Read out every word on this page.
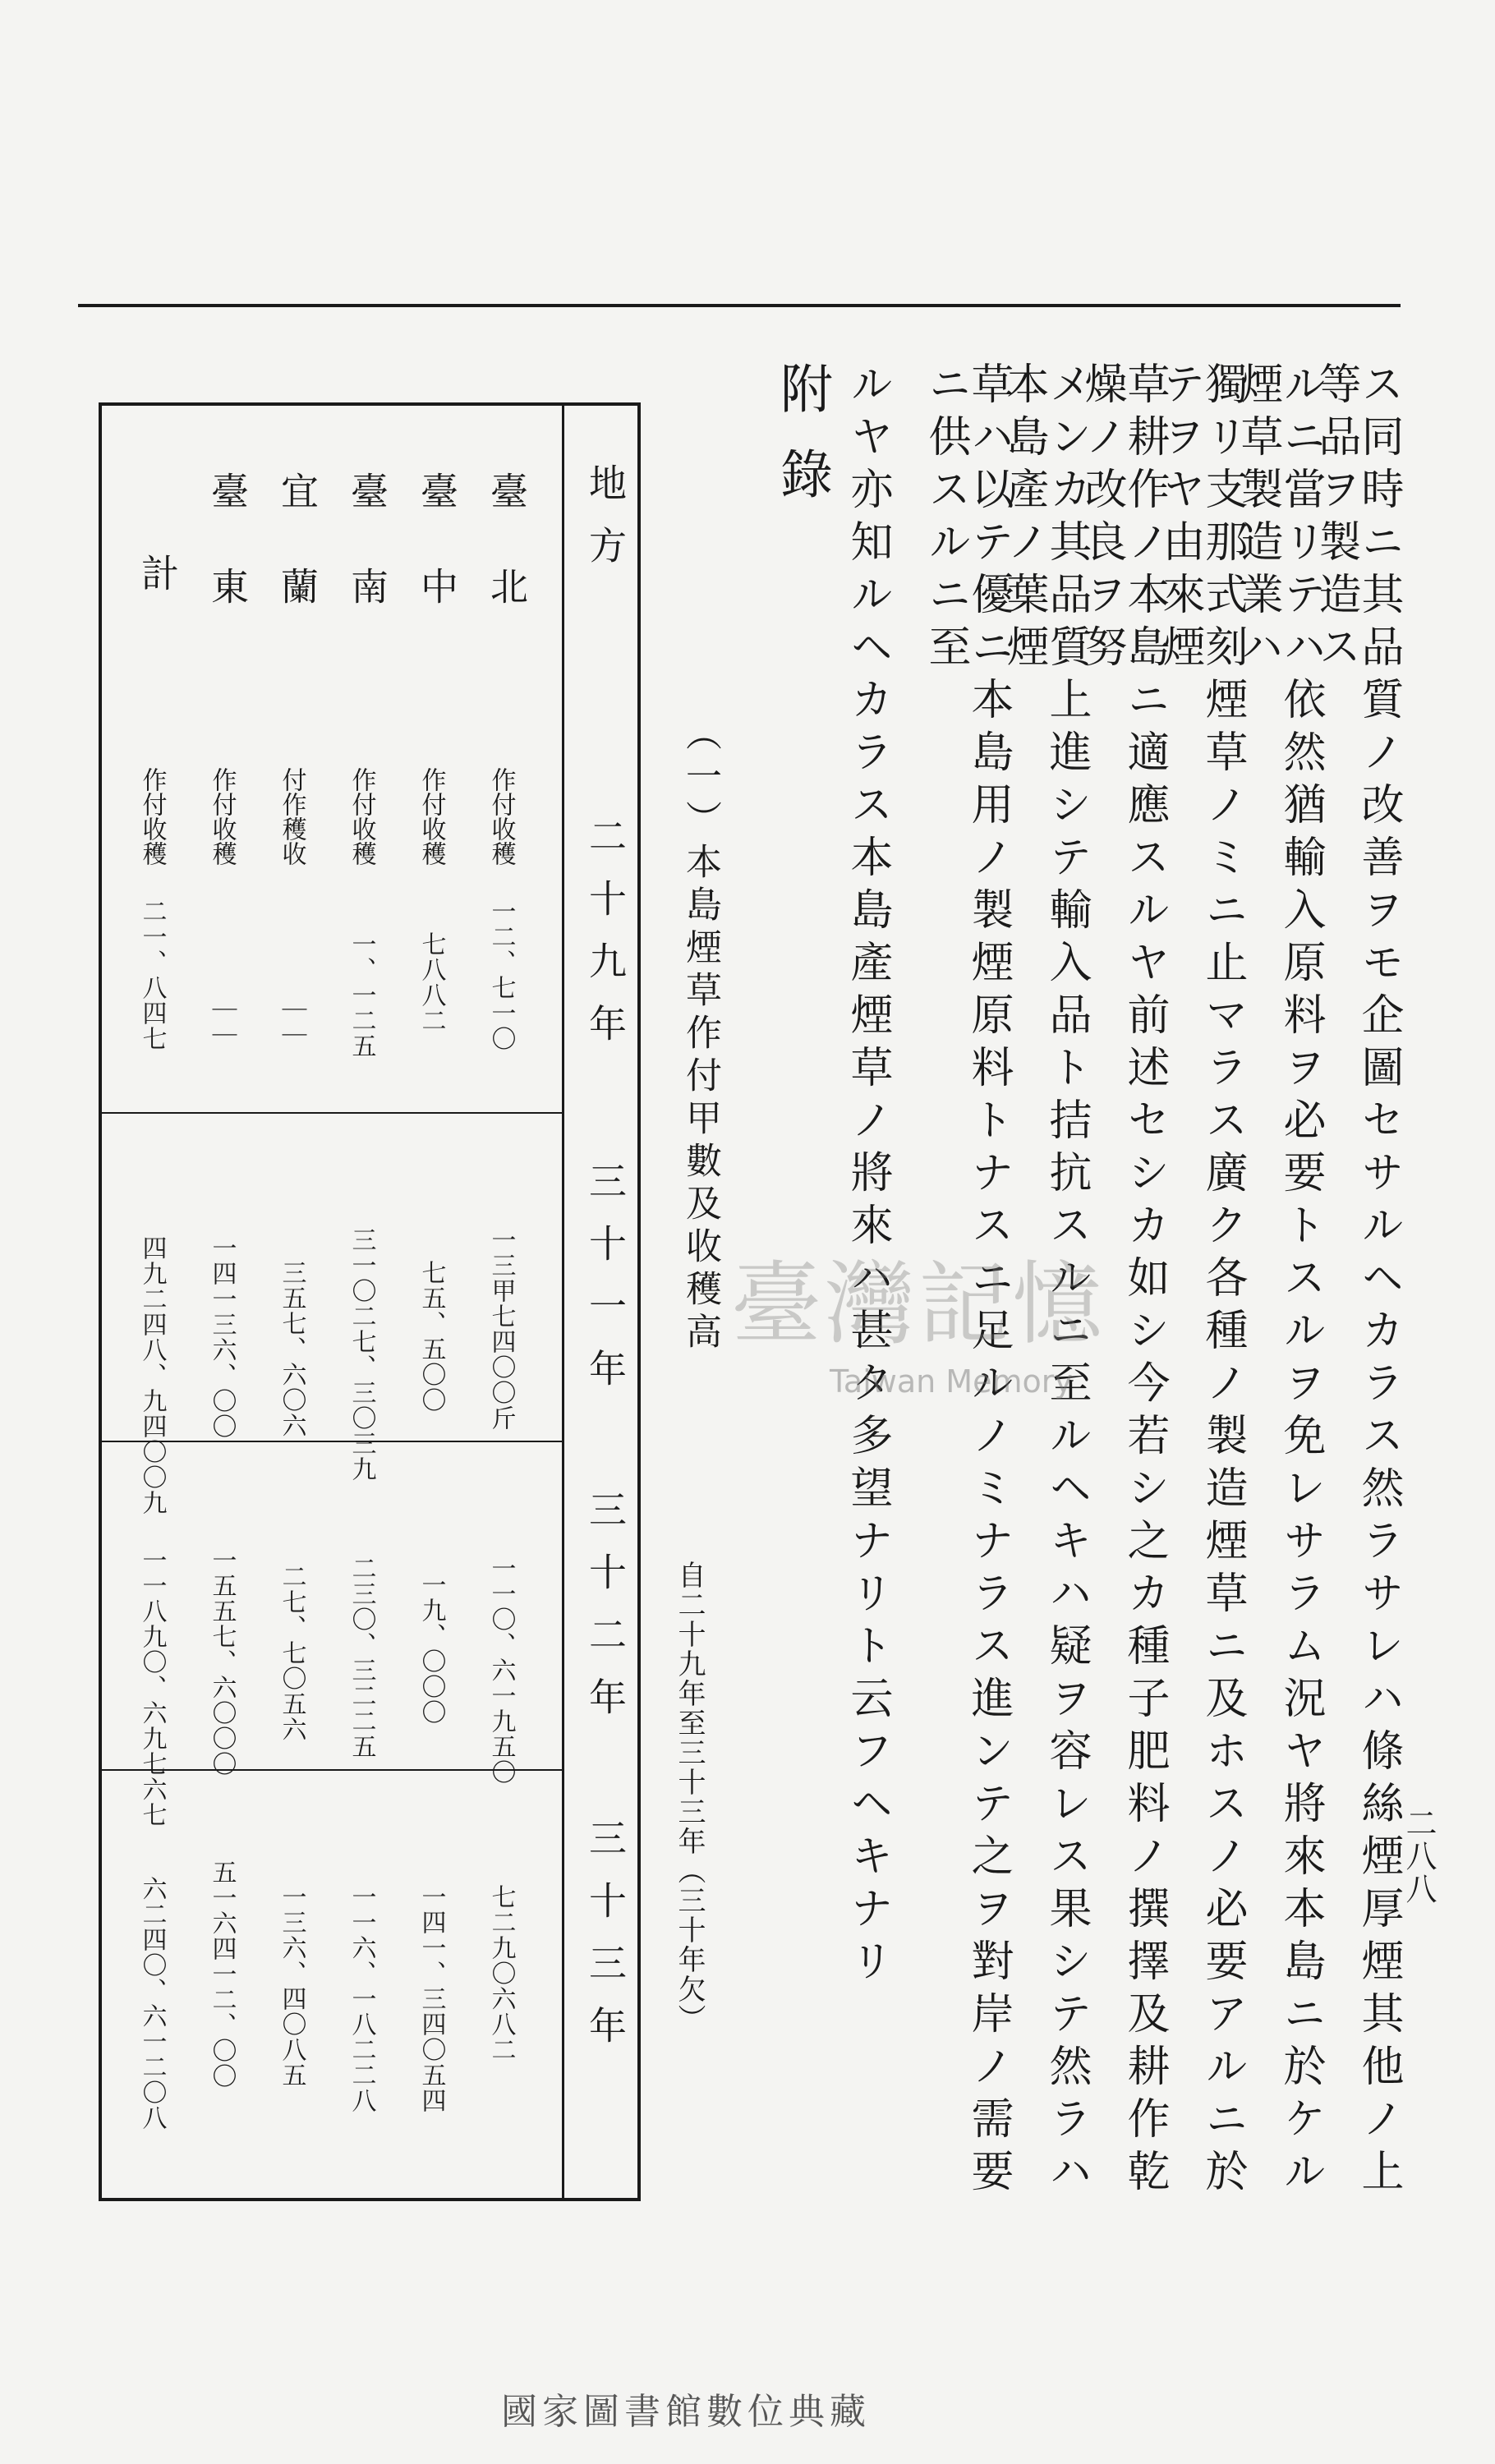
二八八
ス同時ニ其品質ノ改善ヲモ企圖セサルヘカラス然ラサレハ條絲煙厚煙其他ノ上等品ヲ製造ス
ルニ當リテハ依然猶輸入原料ヲ必要トスルヲ免レサラム況ヤ將來本島ニ於ケル煙草製造業ハ
獨リ支那式刻煙草ノミニ止マラス廣ク各種ノ製造煙草ニ及ホスノ必要アルニ於テヲヤ由來煙
草耕作ノ本島ニ適應スルヤ前述セシカ如シ今若シ之カ種子肥料ノ撰擇及耕作乾燥ノ改良ヲ努
メンカ其品質上進シテ輸入品ト拮抗スルニ至ルヘキハ疑ヲ容レス果シテ然ラハ本島產ノ葉煙
草ハ以テ優ニ本島用ノ製煙原料トナスニ足ルノミナラス進ンテ之ヲ對岸ノ需要ニ供スルニ至
ルヤ亦知ルヘカラス本島產煙草ノ將來ハ甚タ多望ナリト云フヘキナリ
附錄
（一）本島煙草作付甲數及收穫高
自二十九年至三十三年（三十年欠）
地方
二十九年
三十一年
三十二年
三十三年
臺北
臺中
臺南
宜蘭
臺東
計
作付收穫
作付收穫
作付收穫
付作穫收
作付收穫
作付收穫
一二、七一〇
七八八二
一、一二五
｜｜
｜｜
二一、八四七
一三甲七四〇〇斤
七五、五〇〇
三一〇二七、三〇三九
三五七、六〇六
一四一三六、〇〇
四九二四八、九四〇〇九
一一〇、六一九五〇
一九、〇〇〇
二三〇、三二二五
二七、七〇五六
一五五七、六〇〇〇
一一八九〇、六九七六七
七二九〇六八二
一四一、三四〇五四
一一六、一八二二八
一三六、四〇八五
五一六四一二、〇〇
六二四〇、六一二〇八
臺灣記憶
Taiwan Memory
國家圖書館數位典藏
